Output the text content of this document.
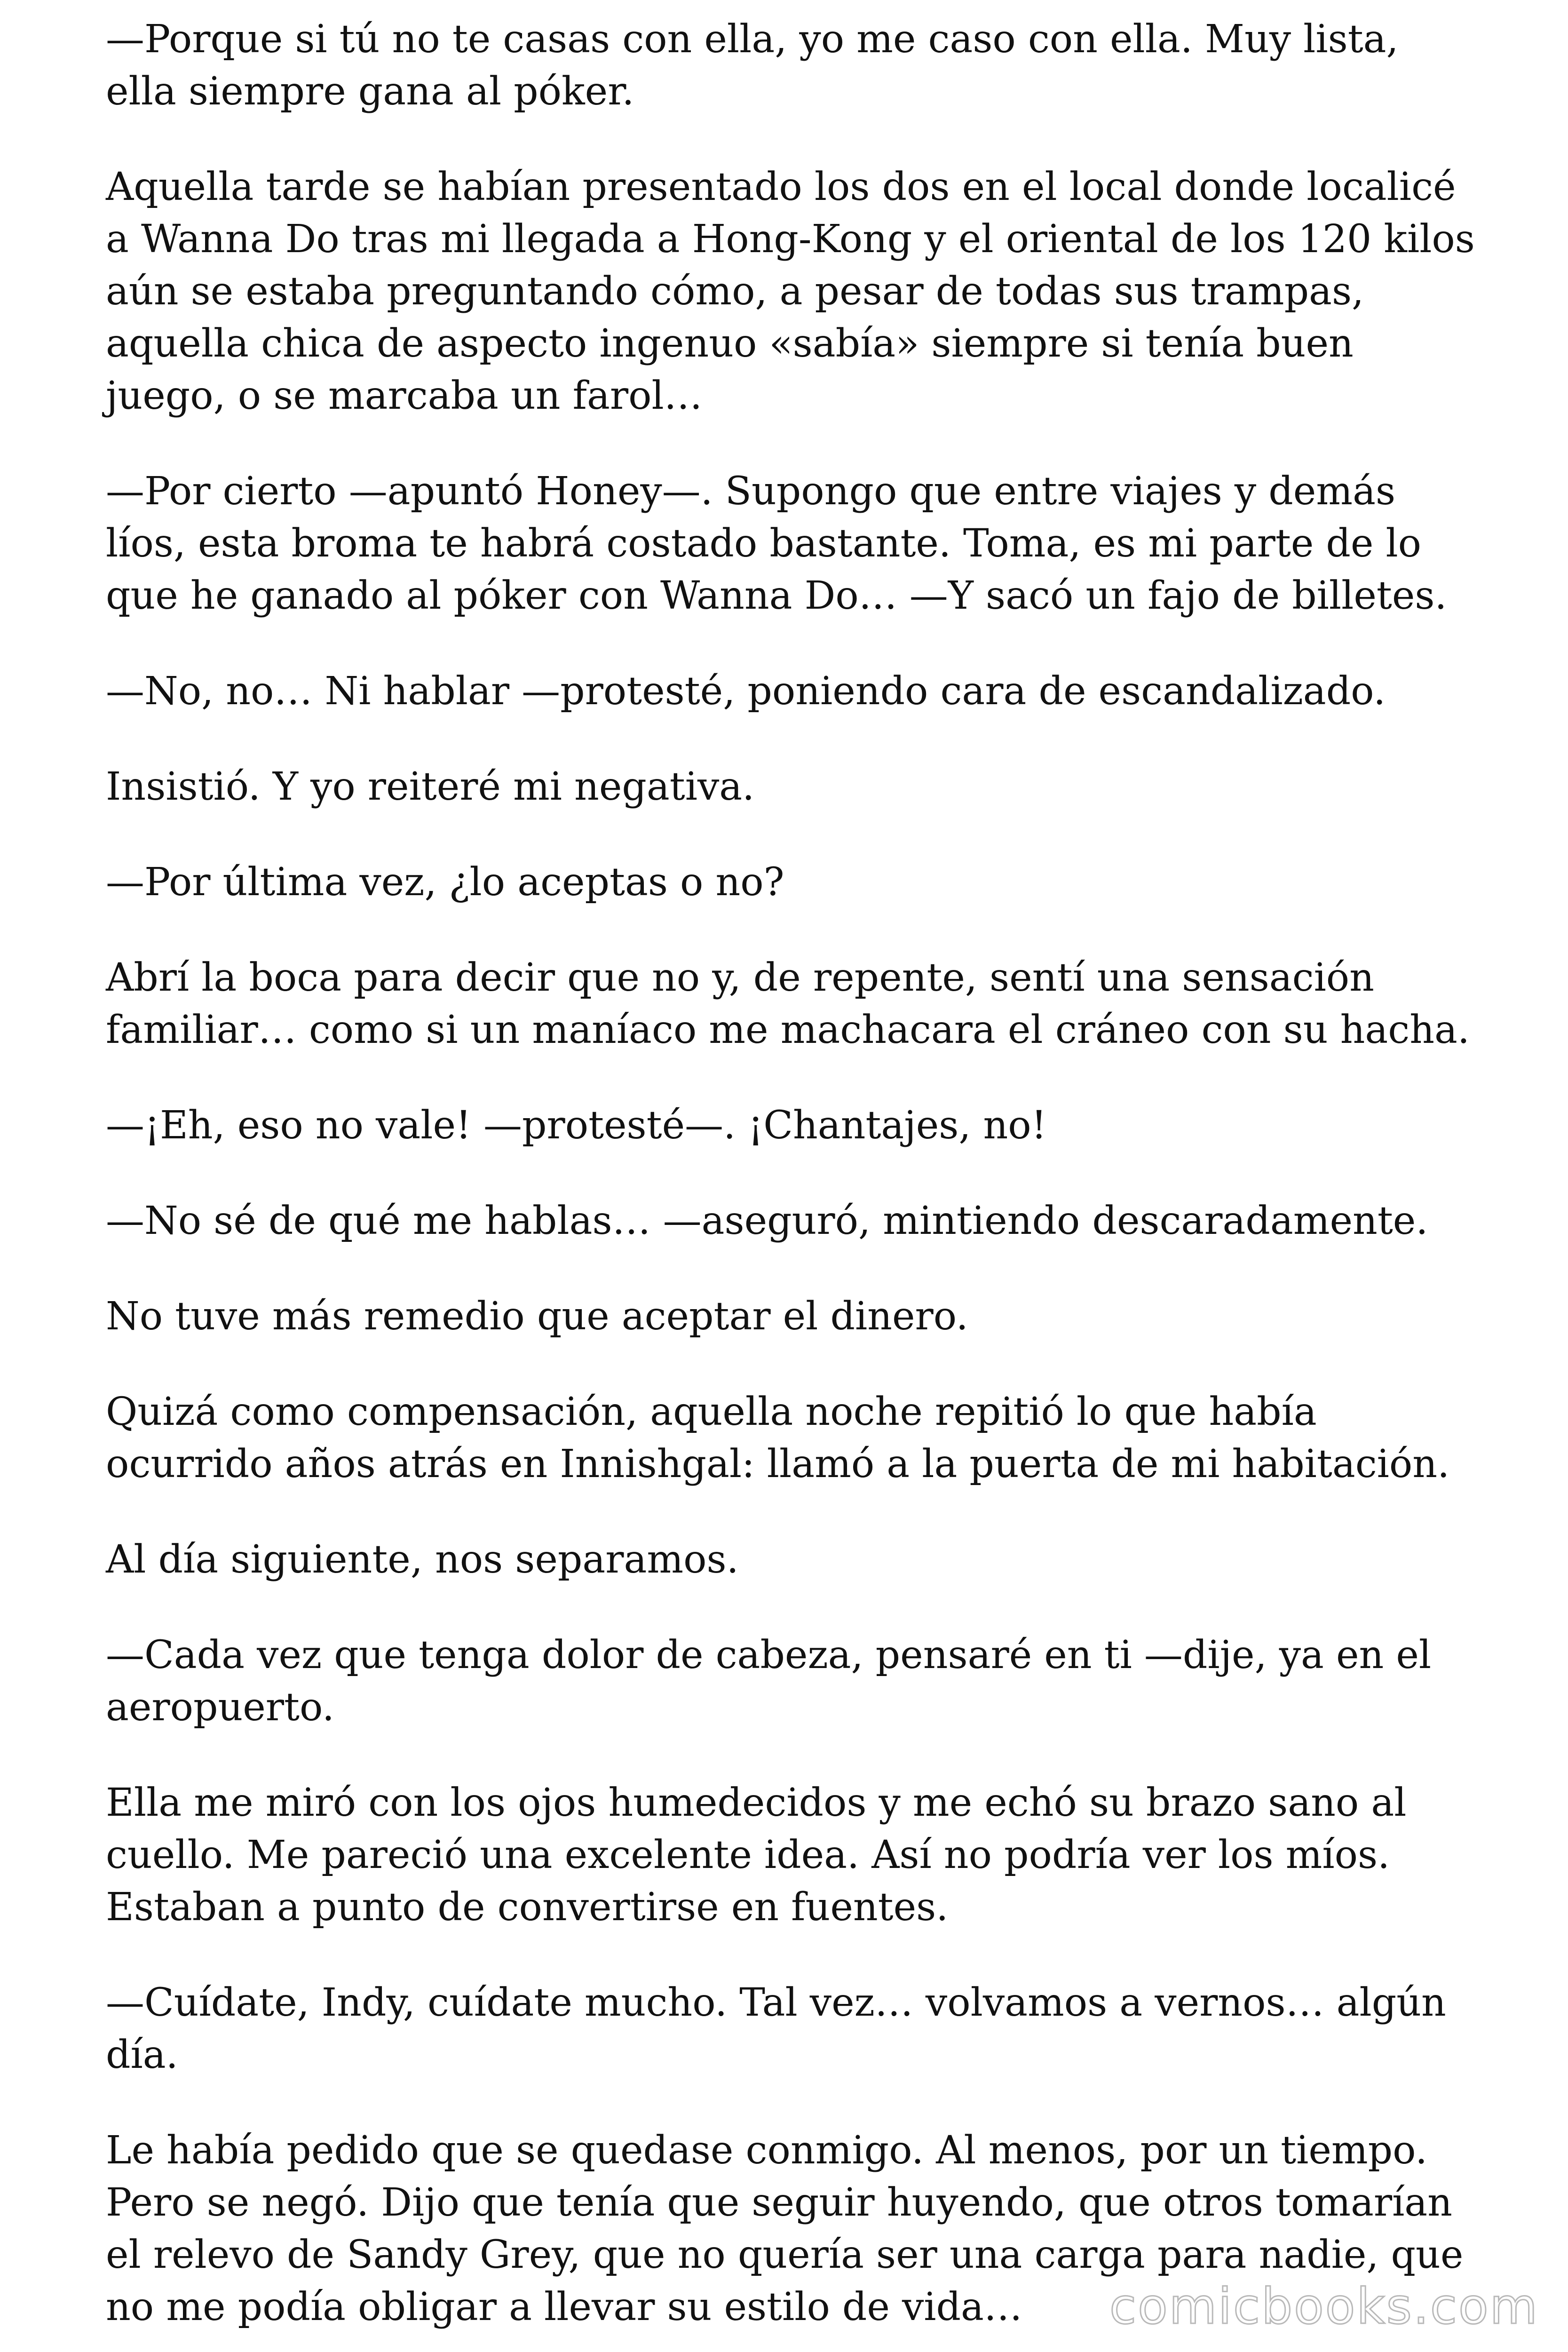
—Porque si tú no te casas con ella, yo me caso con ella. Muy lista, ella siempre gana al póker.

Aquella tarde se habían presentado los dos en el local donde localicé a Wanna Do tras mi llegada a Hong-Kong y el oriental de los 120 kilos aún se estaba preguntando cómo, a pesar de todas sus trampas, aquella chica de aspecto ingenuo «sabía» siempre si tenía buen juego, o se marcaba un farol…

—Por cierto —apuntó Honey—. Supongo que entre viajes y demás líos, esta broma te habrá costado bastante. Toma, es mi parte de lo que he ganado al póker con Wanna Do… —Y sacó un fajo de billetes.

—No, no… Ni hablar —protesté, poniendo cara de escandalizado.

Insistió. Y yo reiteré mi negativa.

—Por última vez, ¿lo aceptas o no?

Abrí la boca para decir que no y, de repente, sentí una sensación familiar… como si un maníaco me machacara el cráneo con su hacha.

—¡Eh, eso no vale! —protesté—. ¡Chantajes, no!

—No sé de qué me hablas… —aseguró, mintiendo descaradamente.

No tuve más remedio que aceptar el dinero.

Quizá como compensación, aquella noche repitió lo que había ocurrido años atrás en Innishgal: llamó a la puerta de mi habitación.

Al día siguiente, nos separamos.

—Cada vez que tenga dolor de cabeza, pensaré en ti —dije, ya en el aeropuerto.

Ella me miró con los ojos humedecidos y me echó su brazo sano al cuello. Me pareció una excelente idea. Así no podría ver los míos. Estaban a punto de convertirse en fuentes.

—Cuídate, Indy, cuídate mucho. Tal vez… volvamos a vernos… algún día.

Le había pedido que se quedase conmigo. Al menos, por un tiempo. Pero se negó. Dijo que tenía que seguir huyendo, que otros tomarían el relevo de Sandy Grey, que no quería ser una carga para nadie, que no me podía obligar a llevar su estilo de vida…	comicbooks.com
